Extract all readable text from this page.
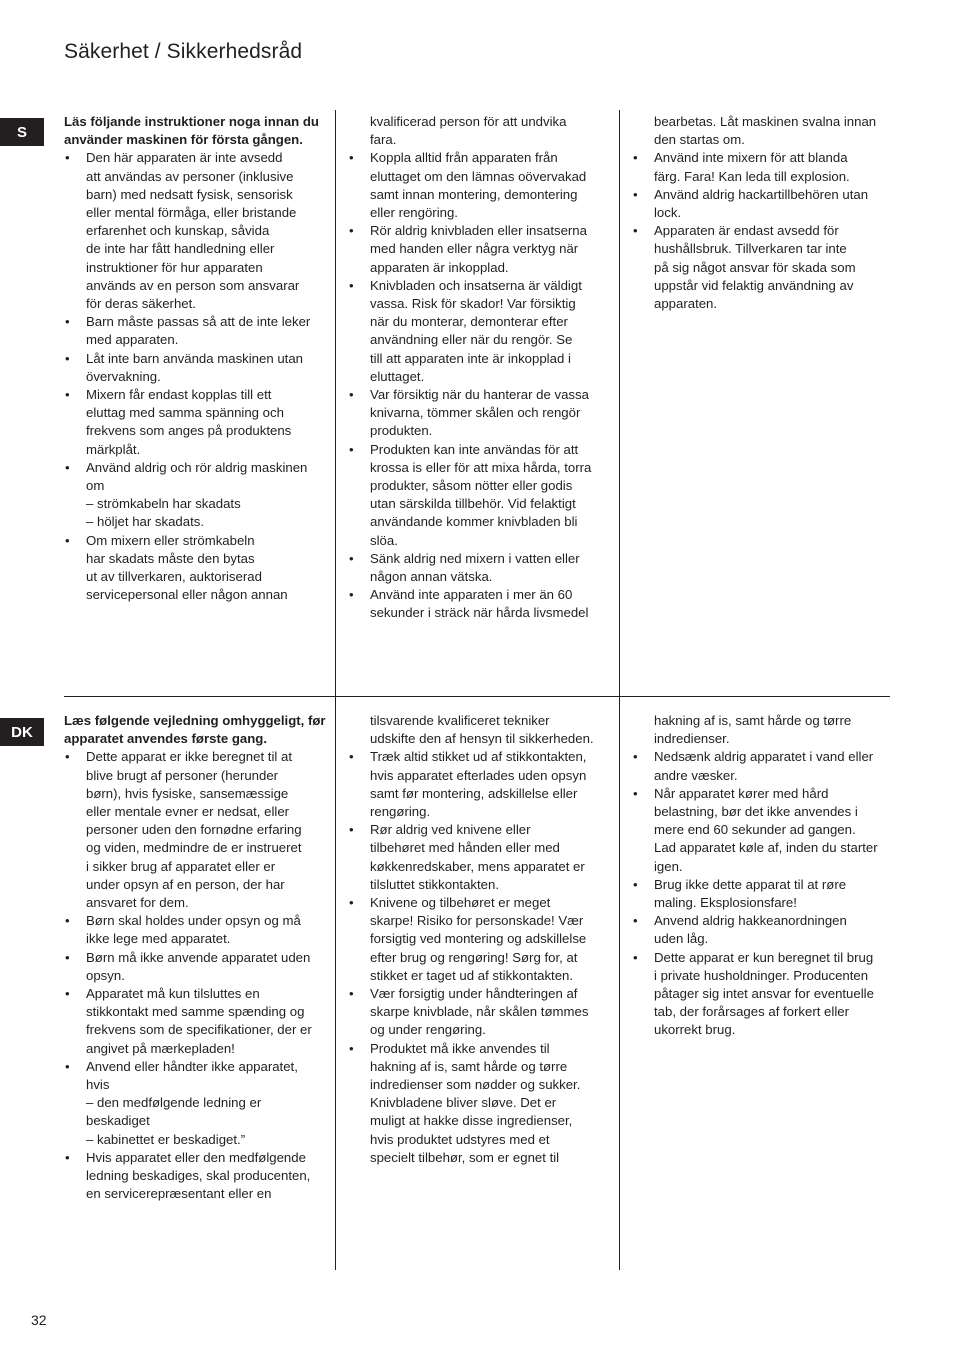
Säkerhet / Sikkerhedsråd
S

Läs följande instruktioner noga innan du använder maskinen för första gången.

• Den här apparaten är inte avsedd
att användas av personer (inklusive
barn) med nedsatt fysisk, sensorisk
eller mental förmåga, eller bristande
erfarenhet och kunskap, såvida
de inte har fått handledning eller
instruktioner för hur apparaten
används av en person som ansvarar
för deras säkerhet.
• Barn måste passas så att de inte leker
med apparaten.
• Låt inte barn använda maskinen utan
övervakning.
• Mixern får endast kopplas till ett
eluttag med samma spänning och
frekvens som anges på produktens
märkplåt.
• Använd aldrig och rör aldrig maskinen
om
– strömkabeln har skadats
– höljet har skadats.
• Om mixern eller strömkabeln
har skadats måste den bytas
ut av tillverkaren, auktoriserad
servicepersonal eller någon annan
kvalificerad person för att undvika
fara.
• Koppla alltid från apparaten från
eluttaget om den lämnas oövervakad
samt innan montering, demontering
eller rengöring.
• Rör aldrig knivbladen eller insatserna
med handen eller några verktyg när
apparaten är inkopplad.
• Knivbladen och insatserna är väldigt
vassa. Risk för skador! Var försiktig
när du monterar, demonterar efter
användning eller när du rengör. Se
till att apparaten inte är inkopplad i
eluttaget.
• Var försiktig när du hanterar de vassa
knivarna, tömmer skålen och rengör
produkten.
• Produkten kan inte användas för att
krossa is eller för att mixa hårda, torra
produkter, såsom nötter eller godis
utan särskilda tillbehör. Vid felaktigt
användande kommer knivbladen bli
slöa.
• Sänk aldrig ned mixern i vatten eller
någon annan vätska.
• Använd inte apparaten i mer än 60
sekunder i sträck när hårda livsmedel
bearbetas. Låt maskinen svalna innan
den startas om.
• Använd inte mixern för att blanda
färg. Fara! Kan leda till explosion.
• Använd aldrig hackartillbehören utan
lock.
• Apparaten är endast avsedd för
hushållsbruk. Tillverkaren tar inte
på sig något ansvar för skada som
uppstår vid felaktig användning av
apparaten.
DK

Læs følgende vejledning omhyggeligt, før apparatet anvendes første gang.

• Dette apparat er ikke beregnet til at
blive brugt af personer (herunder
børn), hvis fysiske, sansemæssige
eller mentale evner er nedsat, eller
personer uden den fornødne erfaring
og viden, medmindre de er instrueret
i sikker brug af apparatet eller er
under opsyn af en person, der har
ansvaret for dem.
• Børn skal holdes under opsyn og må
ikke lege med apparatet.
• Børn må ikke anvende apparatet uden
opsyn.
• Apparatet må kun tilsluttes en
stikkontakt med samme spænding og
frekvens som de specifikationer, der er
angivet på mærkepladen!
• Anvend eller håndter ikke apparatet,
hvis
– den medfølgende ledning er
beskadiget
– kabinettet er beskadiget.”
• Hvis apparatet eller den medfølgende
ledning beskadiges, skal producenten,
en servicerepræsentant eller en
tilsvarende kvalificeret tekniker
udskifte den af hensyn til sikkerheden.
• Træk altid stikket ud af stikkontakten,
hvis apparatet efterlades uden opsyn
samt før montering, adskillelse eller
rengøring.
• Rør aldrig ved knivene eller
tilbehøret med hånden eller med
køkkenredskaber, mens apparatet er
tilsluttet stikkontakten.
• Knivene og tilbehøret er meget
skarpe! Risiko for personskade! Vær
forsigtig ved montering og adskillelse
efter brug og rengøring! Sørg for, at
stikket er taget ud af stikkontakten.
• Vær forsigtig under håndteringen af
skarpe knivblade, når skålen tømmes
og under rengøring.
• Produktet må ikke anvendes til
hakning af is, samt hårde og tørre
indredienser som nødder og sukker.
Knivbladene bliver sløve. Det er
muligt at hakke disse ingredienser,
hvis produktet udstyres med et
specielt tilbehør, som er egnet til
hakning af is, samt hårde og tørre
indredienser.
• Nedsænk aldrig apparatet i vand eller
andre væsker.
• Når apparatet kører med hård
belastning, bør det ikke anvendes i
mere end 60 sekunder ad gangen.
Lad apparatet køle af, inden du starter
igen.
• Brug ikke dette apparat til at røre
maling. Eksplosionsfare!
• Anvend aldrig hakkeanordningen
uden låg.
• Dette apparat er kun beregnet til brug
i private husholdninger. Producenten
påtager sig intet ansvar for eventuelle
tab, der forårsages af forkert eller
ukorrekt brug.
32
